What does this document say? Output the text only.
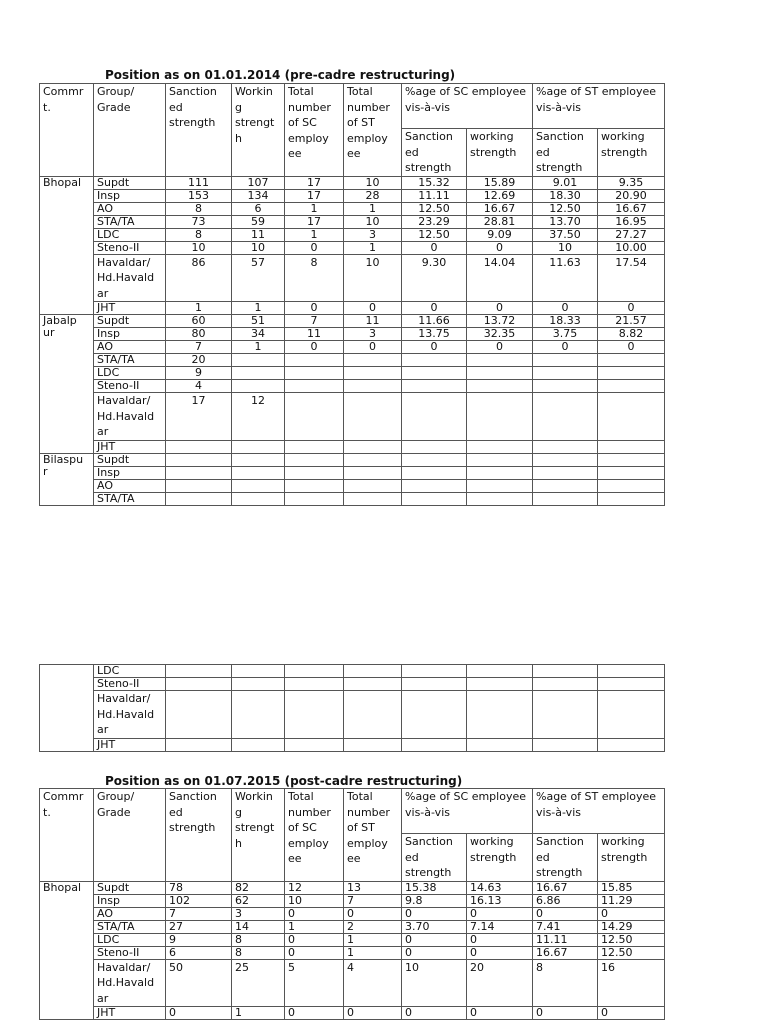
Position as on 01.01.2014 (pre-cadre restructuring)
Commr t.	Group/ Grade	Sanction ed strength	Workin g strengt h	Total number of SC employ ee	Total number of ST employ ee	%age of SC employee vis-à-vis		%age of ST employee vis-à-vis	
						Sanction ed strength	working strength	Sanction ed strength	working strength
Bhopal	Supdt	111	107	17	10	15.32	15.89	9.01	9.35
	Insp	153	134	17	28	11.11	12.69	18.30	20.90
	AO	8	6	1	1	12.50	16.67	12.50	16.67
	STA/TA	73	59	17	10	23.29	28.81	13.70	16.95
	LDC	8	11	1	3	12.50	9.09	37.50	27.27
	Steno-II	10	10	0	1	0	0	10	10.00
	Havaldar/ Hd.Havald ar	86	57	8	10	9.30	14.04	11.63	17.54
	JHT	1	1	0	0	0	0	0	0
Jabalp ur	Supdt	60	51	7	11	11.66	13.72	18.33	21.57
	Insp	80	34	11	3	13.75	32.35	3.75	8.82
	AO	7	1	0	0	0	0	0	0
	STA/TA	20							
	LDC	9							
	Steno-II	4							
	Havaldar/ Hd.Havald ar	17	12						
	JHT								
Bilaspu r	Supdt								
	Insp								
	AO								
	STA/TA								
	LDC								
	Steno-II								
	Havaldar/ Hd.Havald ar								
	JHT								
Position as on 01.07.2015 (post-cadre restructuring)
Commr t.	Group/ Grade	Sanction ed strength	Workin g strengt h	Total number of SC employ ee	Total number of ST employ ee	%age of SC employee vis-à-vis		%age of ST employee vis-à-vis	
						Sanction ed strength	working strength	Sanction ed strength	working strength
Bhopal	Supdt	78	82	12	13	15.38	14.63	16.67	15.85
	Insp	102	62	10	7	9.8	16.13	6.86	11.29
	AO	7	3	0	0	0	0	0	0
	STA/TA	27	14	1	2	3.70	7.14	7.41	14.29
	LDC	9	8	0	1	0	0	11.11	12.50
	Steno-II	6	8	0	1	0	0	16.67	12.50
	Havaldar/ Hd.Havald ar	50	25	5	4	10	20	8	16
	JHT	0	1	0	0	0	0	0	0
